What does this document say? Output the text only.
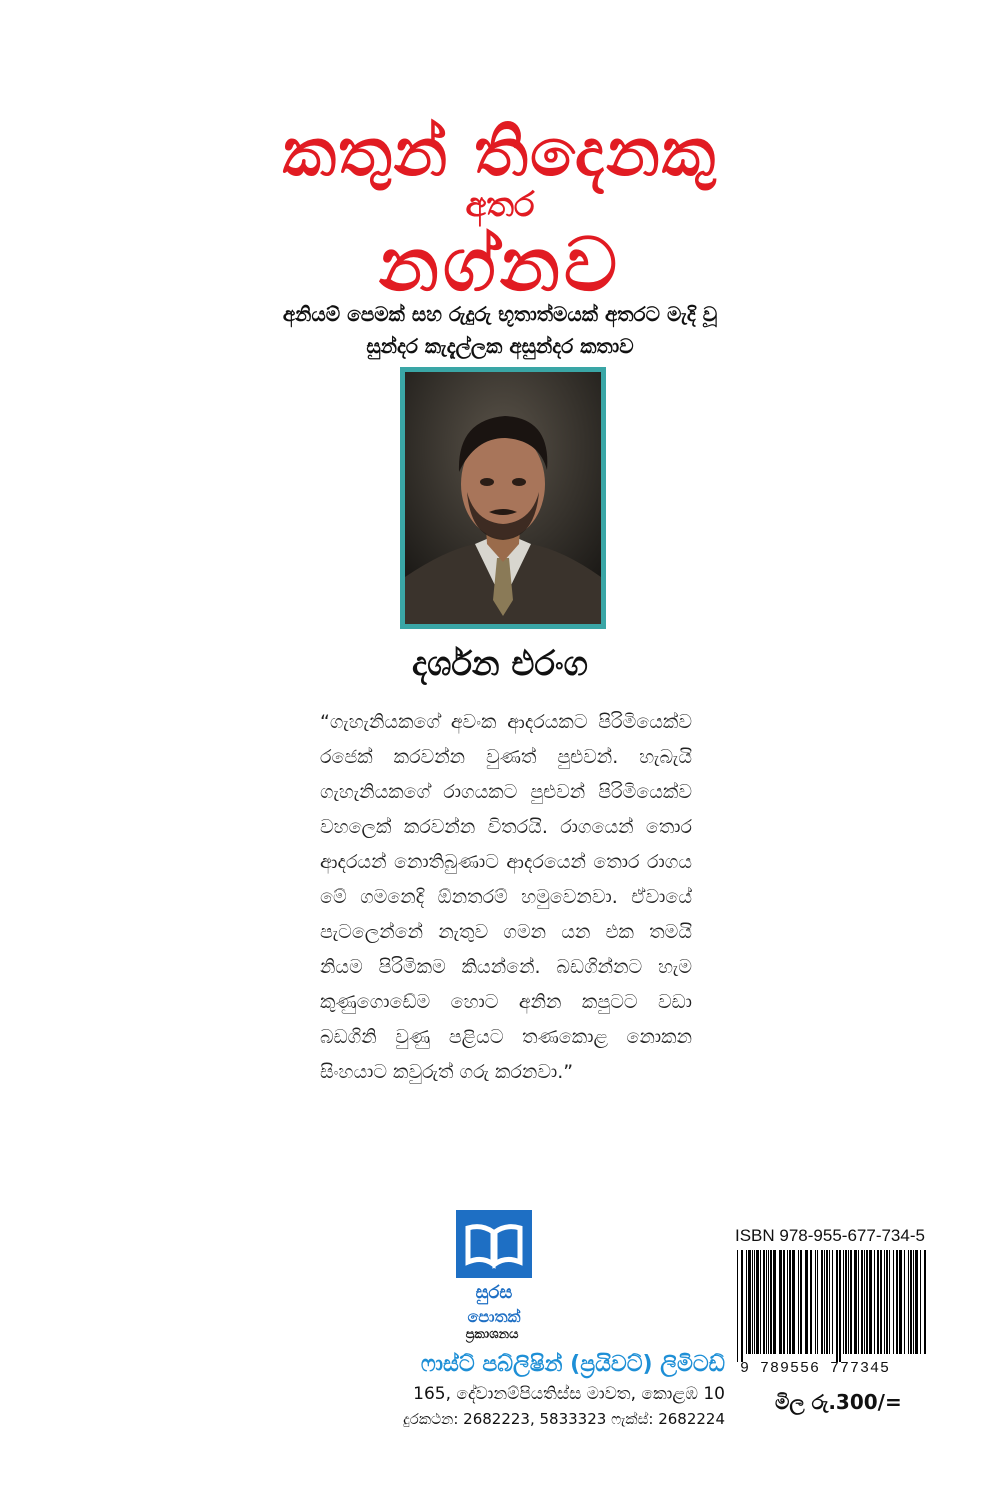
කතුන් තිදෙනකු
අතර
නග්නව
අනියම් පෙමක් සහ රුදුරු භූතාත්මයක් අතරට මැදි වූ
සුන්දර කැදැල්ලක අසුන්දර කතාව
දර්ශන එරංග
“ගැහැනියකගේ අවංක ආදරයකට පිරිමියෙක්ව රජෙක් කරවන්න වුණත් පුළුවන්. හැබැයි ගැහැනියකගේ රාගයකට පුළුවන් පිරිමියෙක්ව වහලෙක් කරවන්න විතරයි. රාගයෙන් තොර ආදරයන් නොතිබුණාට ආදරයෙන් තොර රාගය මේ ගමනෙදි ඕනතරම් හමුවෙනවා. ඒවායේ පැටලෙන්නේ නැතුව ගමන යන එක තමයි නියම පිරිමිකම කියන්නේ. බඩගින්නට හැම කුණුගොඩේම හොට අනින කපුටට වඩා බඩගිනි වුණු පළියට තණකොළ නොකන සිංහයාට කවුරුත් ගරු කරනවා.”
සුරස
පොතක්
ප්‍රකාශනය
ෆාස්ට් පබ්ලිෂින් (ප්‍රයිවට්) ලිමිටඩ්
165, දේවානම්පියතිස්ස මාවත, කොළඹ 10
දුරකථන: 2682223, 5833323 ෆැක්ස්: 2682224
ISBN 978-955-677-734-5
9 789556 777345
මිල රු.300/=
